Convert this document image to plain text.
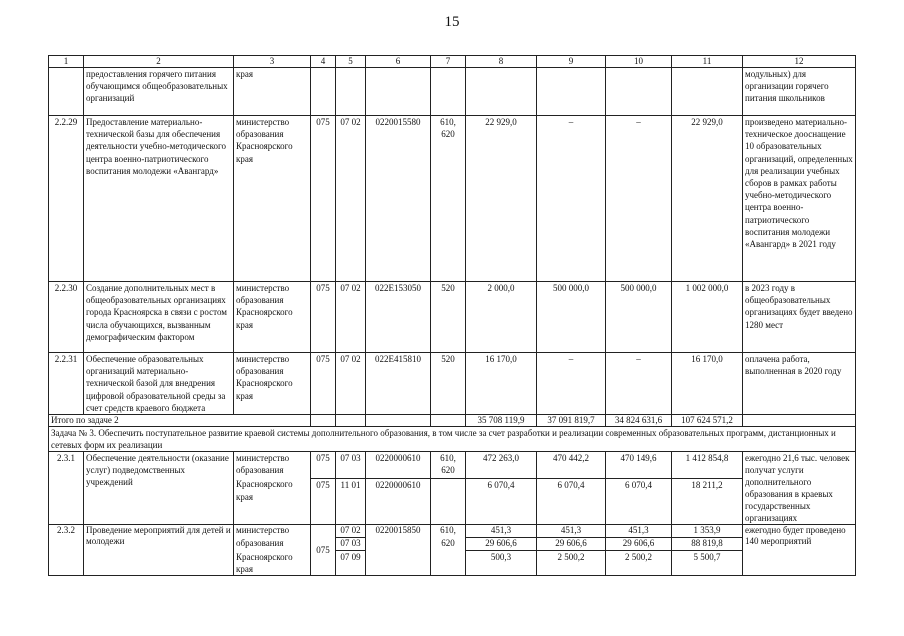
15
1	2	3	4	5	6	7	8	9	10	11	12
	предоставления горячего питания обучающимся общеобразовательных организаций	края									модульных) для организации горячего питания школьников
2.2.29	Предоставление материально-технической базы для обеспечения деятельности учебно-методического центра военно-патриотического воспитания молодежи «Авангард»	министерство образования Красноярского края	075	07 02	0220015580	610, 620	22 929,0	–	–	22 929,0	произведено материально-техническое дооснащение 10 образовательных организаций, определенных для реализации учебных сборов в рамках работы учебно-методического центра военно-патриотического воспитания молодежи «Авангард» в 2021 году
2.2.30	Создание дополнительных мест в общеобразовательных организациях города Красноярска в связи с ростом числа обучающихся, вызванным демографическим фактором	министерство образования Красноярского края	075	07 02	022E153050	520	2 000,0	500 000,0	500 000,0	1 002 000,0	в 2023 году в общеобразовательных организациях будет введено 1280 мест
2.2.31	Обеспечение образовательных организаций материально-технической базой для внедрения цифровой образовательной среды за счет средств краевого бюджета	министерство образования Красноярского края	075	07 02	022E415810	520	16 170,0	–	–	16 170,0	оплачена работа, выполненная в 2020 году
Итого по задаче 2							35 708 119,9	37 091 819,7	34 824 631,6	107 624 571,2	
Задача № 3. Обеспечить поступательное развитие краевой системы дополнительного образования, в том числе за счет разработки и реализации современных образовательных программ, дистанционных и сетевых форм их реализации											
2.3.1	Обеспечение деятельности (оказание услуг) подведомственных учреждений	министерство образования	075	07 03	0220000610	610, 620	472 263,0	470 442,2	470 149,6	1 412 854,8	ежегодно 21,6 тыс. человек получат услуги дополнительного образования в краевых государственных организациях
		Красноярского края	075	11 01	0220000610		6 070,4	6 070,4	6 070,4	18 211,2	
2.3.2	Проведение мероприятий для детей и молодежи	министерство	075	07 02	0220015850	610,	451,3	451,3	451,3	1 353,9	ежегодно будет проведено 140 мероприятий
		образования		07 03		620	29 606,6	29 606,6	29 606,6	88 819,8	
		Красноярского края		07 09			500,3	2 500,2	2 500,2	5 500,7	
